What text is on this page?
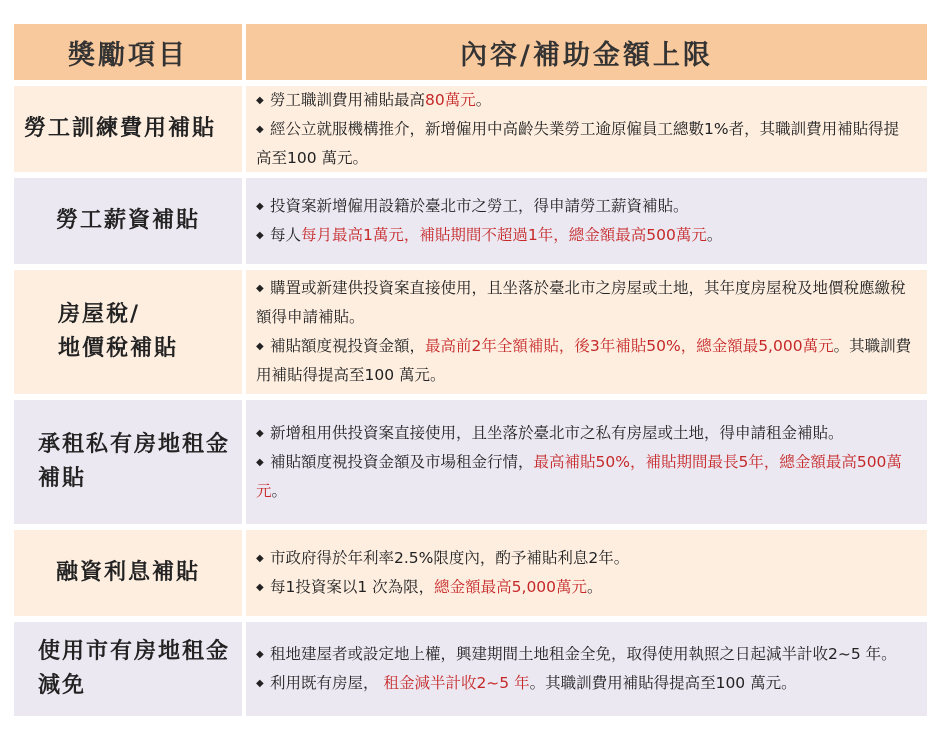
獎勵項目	內容/補助金額上限
勞工訓練費用補貼
◆ 勞工職訓費用補貼最高80萬元。
◆ 經公立就服機構推介，新增僱用中高齡失業勞工逾原僱員工總數1%者，其職訓費用補貼得提高至100 萬元。
勞工薪資補貼
◆ 投資案新增僱用設籍於臺北市之勞工，得申請勞工薪資補貼。
◆ 每人每月最高1萬元，補貼期間不超過1年，總金額最高500萬元。
房屋稅/
地價稅補貼
◆ 購置或新建供投資案直接使用，且坐落於臺北市之房屋或土地，其年度房屋稅及地價稅應繳稅額得申請補貼。
◆ 補貼額度視投資金額，最高前2年全額補貼，後3年補貼50%，總金額最5,000萬元。其職訓費用補貼得提高至100 萬元。
承租私有房地租金補貼
◆ 新增租用供投資案直接使用，且坐落於臺北市之私有房屋或土地，得申請租金補貼。
◆ 補貼額度視投資金額及市場租金行情，最高補貼50%，補貼期間最長5年，總金額最高500萬元。
融資利息補貼
◆ 市政府得於年利率2.5%限度內，酌予補貼利息2年。
◆ 每1投資案以1 次為限，總金額最高5,000萬元。
使用市有房地租金減免
◆ 租地建屋者或設定地上權，興建期間土地租金全免，取得使用執照之日起減半計收2~5 年。
◆ 利用既有房屋， 租金減半計收2~5 年。其職訓費用補貼得提高至100 萬元。
